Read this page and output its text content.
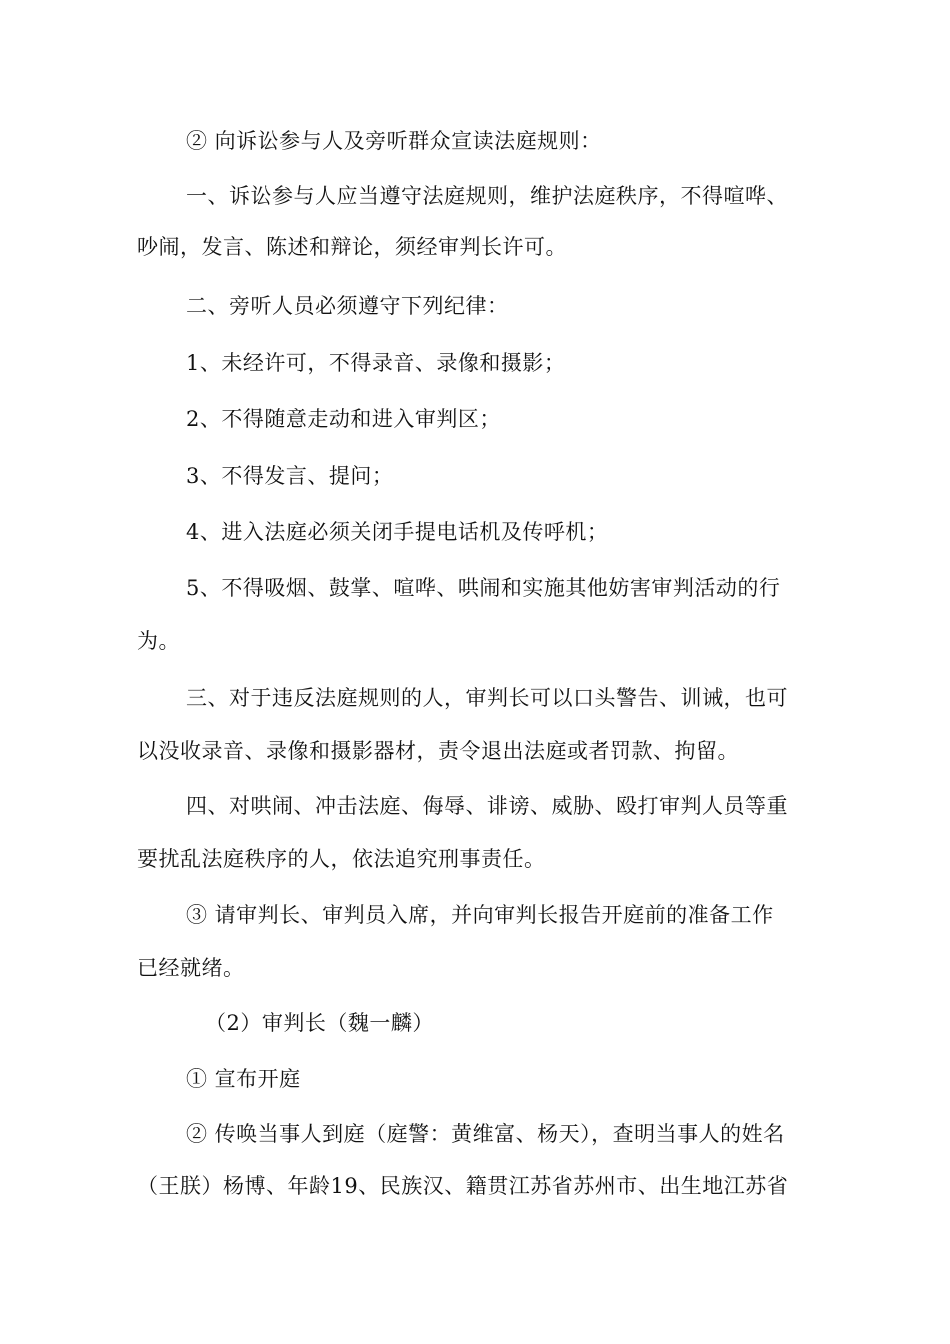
② 向诉讼参与人及旁听群众宣读法庭规则：
一、诉讼参与人应当遵守法庭规则，维护法庭秩序，不得喧哗、
吵闹，发言、陈述和辩论，须经审判长许可。
二、旁听人员必须遵守下列纪律：
1、未经许可，不得录音、录像和摄影；
2、不得随意走动和进入审判区；
3、不得发言、提问；
4、进入法庭必须关闭手提电话机及传呼机；
5、不得吸烟、鼓掌、喧哗、哄闹和实施其他妨害审判活动的行
为。
三、对于违反法庭规则的人，审判长可以口头警告、训诫，也可
以没收录音、录像和摄影器材，责令退出法庭或者罚款、拘留。
四、对哄闹、冲击法庭、侮辱、诽谤、威胁、殴打审判人员等重
要扰乱法庭秩序的人，依法追究刑事责任。
③ 请审判长、审判员入席，并向审判长报告开庭前的准备工作
已经就绪。
（2）审判长（魏一麟）
① 宣布开庭
② 传唤当事人到庭（庭警：黄维富、杨天），查明当事人的姓名
（王朕）杨博、年龄19、民族汉、籍贯江苏省苏州市、出生地江苏省
